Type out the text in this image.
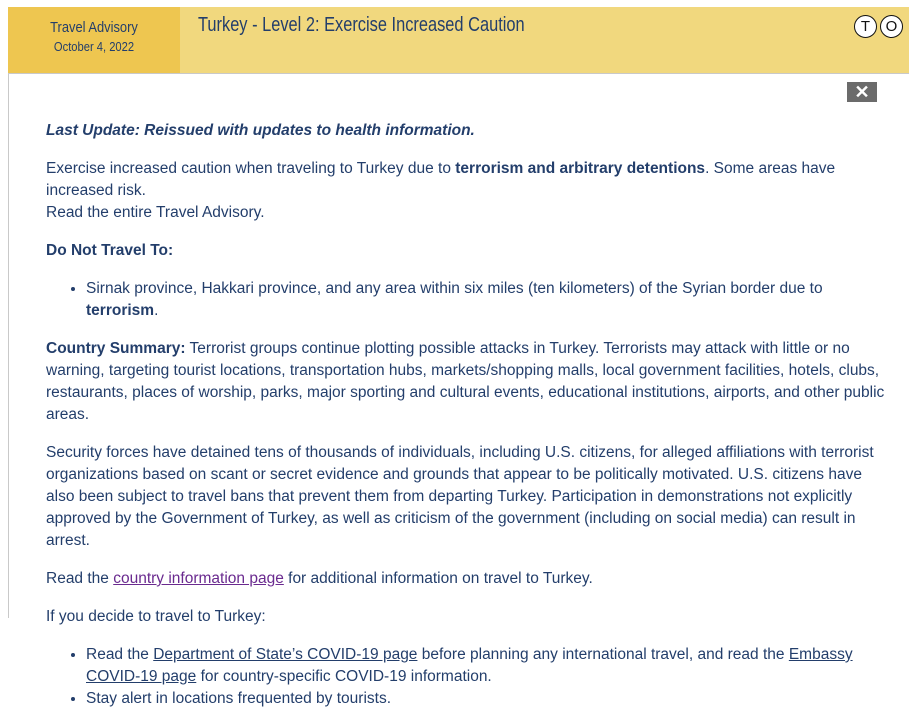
Travel Advisory
October 4, 2022
Turkey - Level 2: Exercise Increased Caution	T	O
✕

Last Update: Reissued with updates to health information.

Exercise increased caution when traveling to Turkey due to terrorism and arbitrary detentions. Some areas have increased risk.
Read the entire Travel Advisory.

Do Not Travel To:

• Sirnak province, Hakkari province, and any area within six miles (ten kilometers) of the Syrian border due to terrorism.

Country Summary: Terrorist groups continue plotting possible attacks in Turkey. Terrorists may attack with little or no warning, targeting tourist locations, transportation hubs, markets/shopping malls, local government facilities, hotels, clubs, restaurants, places of worship, parks, major sporting and cultural events, educational institutions, airports, and other public areas.

Security forces have detained tens of thousands of individuals, including U.S. citizens, for alleged affiliations with terrorist organizations based on scant or secret evidence and grounds that appear to be politically motivated. U.S. citizens have also been subject to travel bans that prevent them from departing Turkey. Participation in demonstrations not explicitly approved by the Government of Turkey, as well as criticism of the government (including on social media) can result in arrest.

Read the country information page for additional information on travel to Turkey.

If you decide to travel to Turkey:

• Read the Department of State’s COVID-19 page before planning any international travel, and read the Embassy COVID-19 page for country-specific COVID-19 information.
• Stay alert in locations frequented by tourists.
